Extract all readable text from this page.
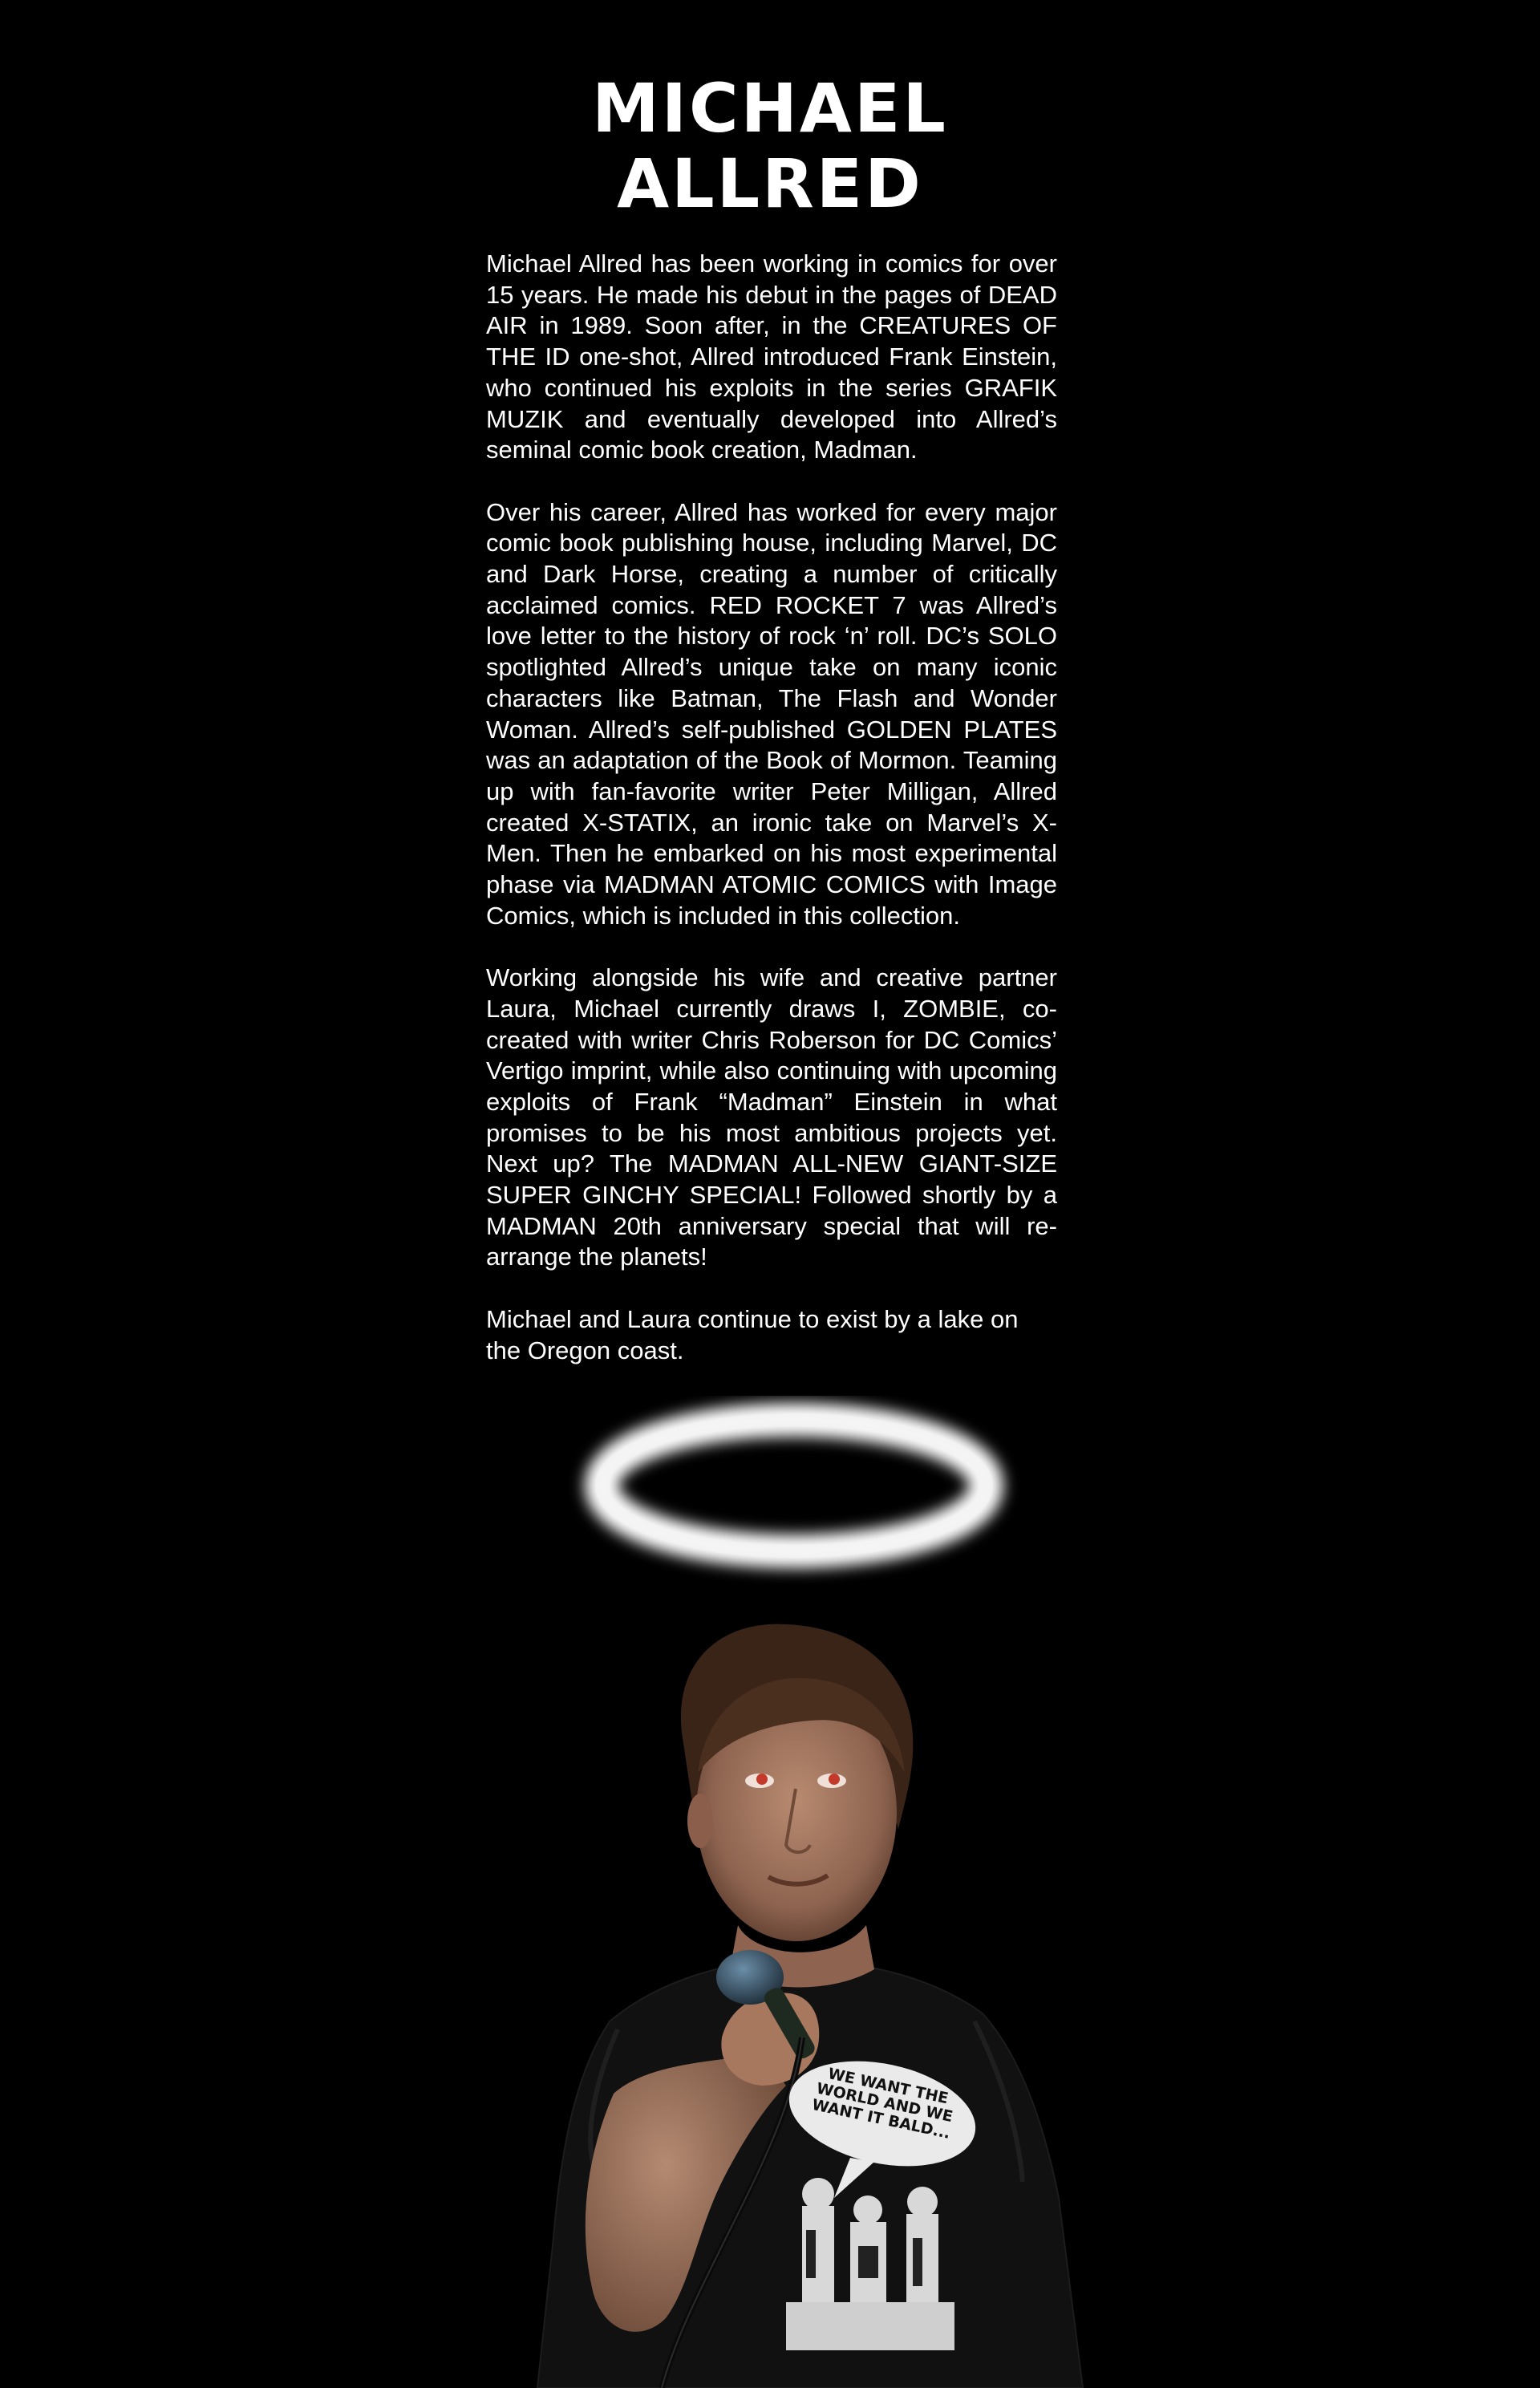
MICHAEL
ALLRED

Michael Allred has been working in comics for over 15 years. He made his debut in the pages of DEAD AIR in 1989. Soon after, in the CREATURES OF THE ID one-shot, Allred introduced Frank Einstein, who continued his exploits in the series GRAFIK MUZIK and eventually developed into Allred’s seminal comic book creation, Madman.

Over his career, Allred has worked for every major comic book publishing house, including Marvel, DC and Dark Horse, creating a number of critically acclaimed comics. RED ROCKET 7 was Allred’s love letter to the history of rock ‘n’ roll. DC’s SOLO spotlighted Allred’s unique take on many iconic characters like Batman, The Flash and Wonder Woman. Allred’s self-published GOLDEN PLATES was an adaptation of the Book of Mormon. Teaming up with fan-favorite writer Peter Milligan, Allred created X-STATIX, an ironic take on Marvel’s X-Men. Then he embarked on his most experimental phase via MADMAN ATOMIC COMICS with Image Comics, which is included in this collection.

Working alongside his wife and creative partner Laura, Michael currently draws I, ZOMBIE, co-created with writer Chris Roberson for DC Comics’ Vertigo imprint, while also continuing with upcoming exploits of Frank “Madman” Einstein in what promises to be his most ambitious projects yet. Next up? The MADMAN ALL-NEW GIANT-SIZE SUPER GINCHY SPECIAL! Followed shortly by a MADMAN 20th anniversary special that will re-arrange the planets!

Michael and Laura continue to exist by a lake on the Oregon coast.

WE WANT THE WORLD AND WE WANT IT BALD...
